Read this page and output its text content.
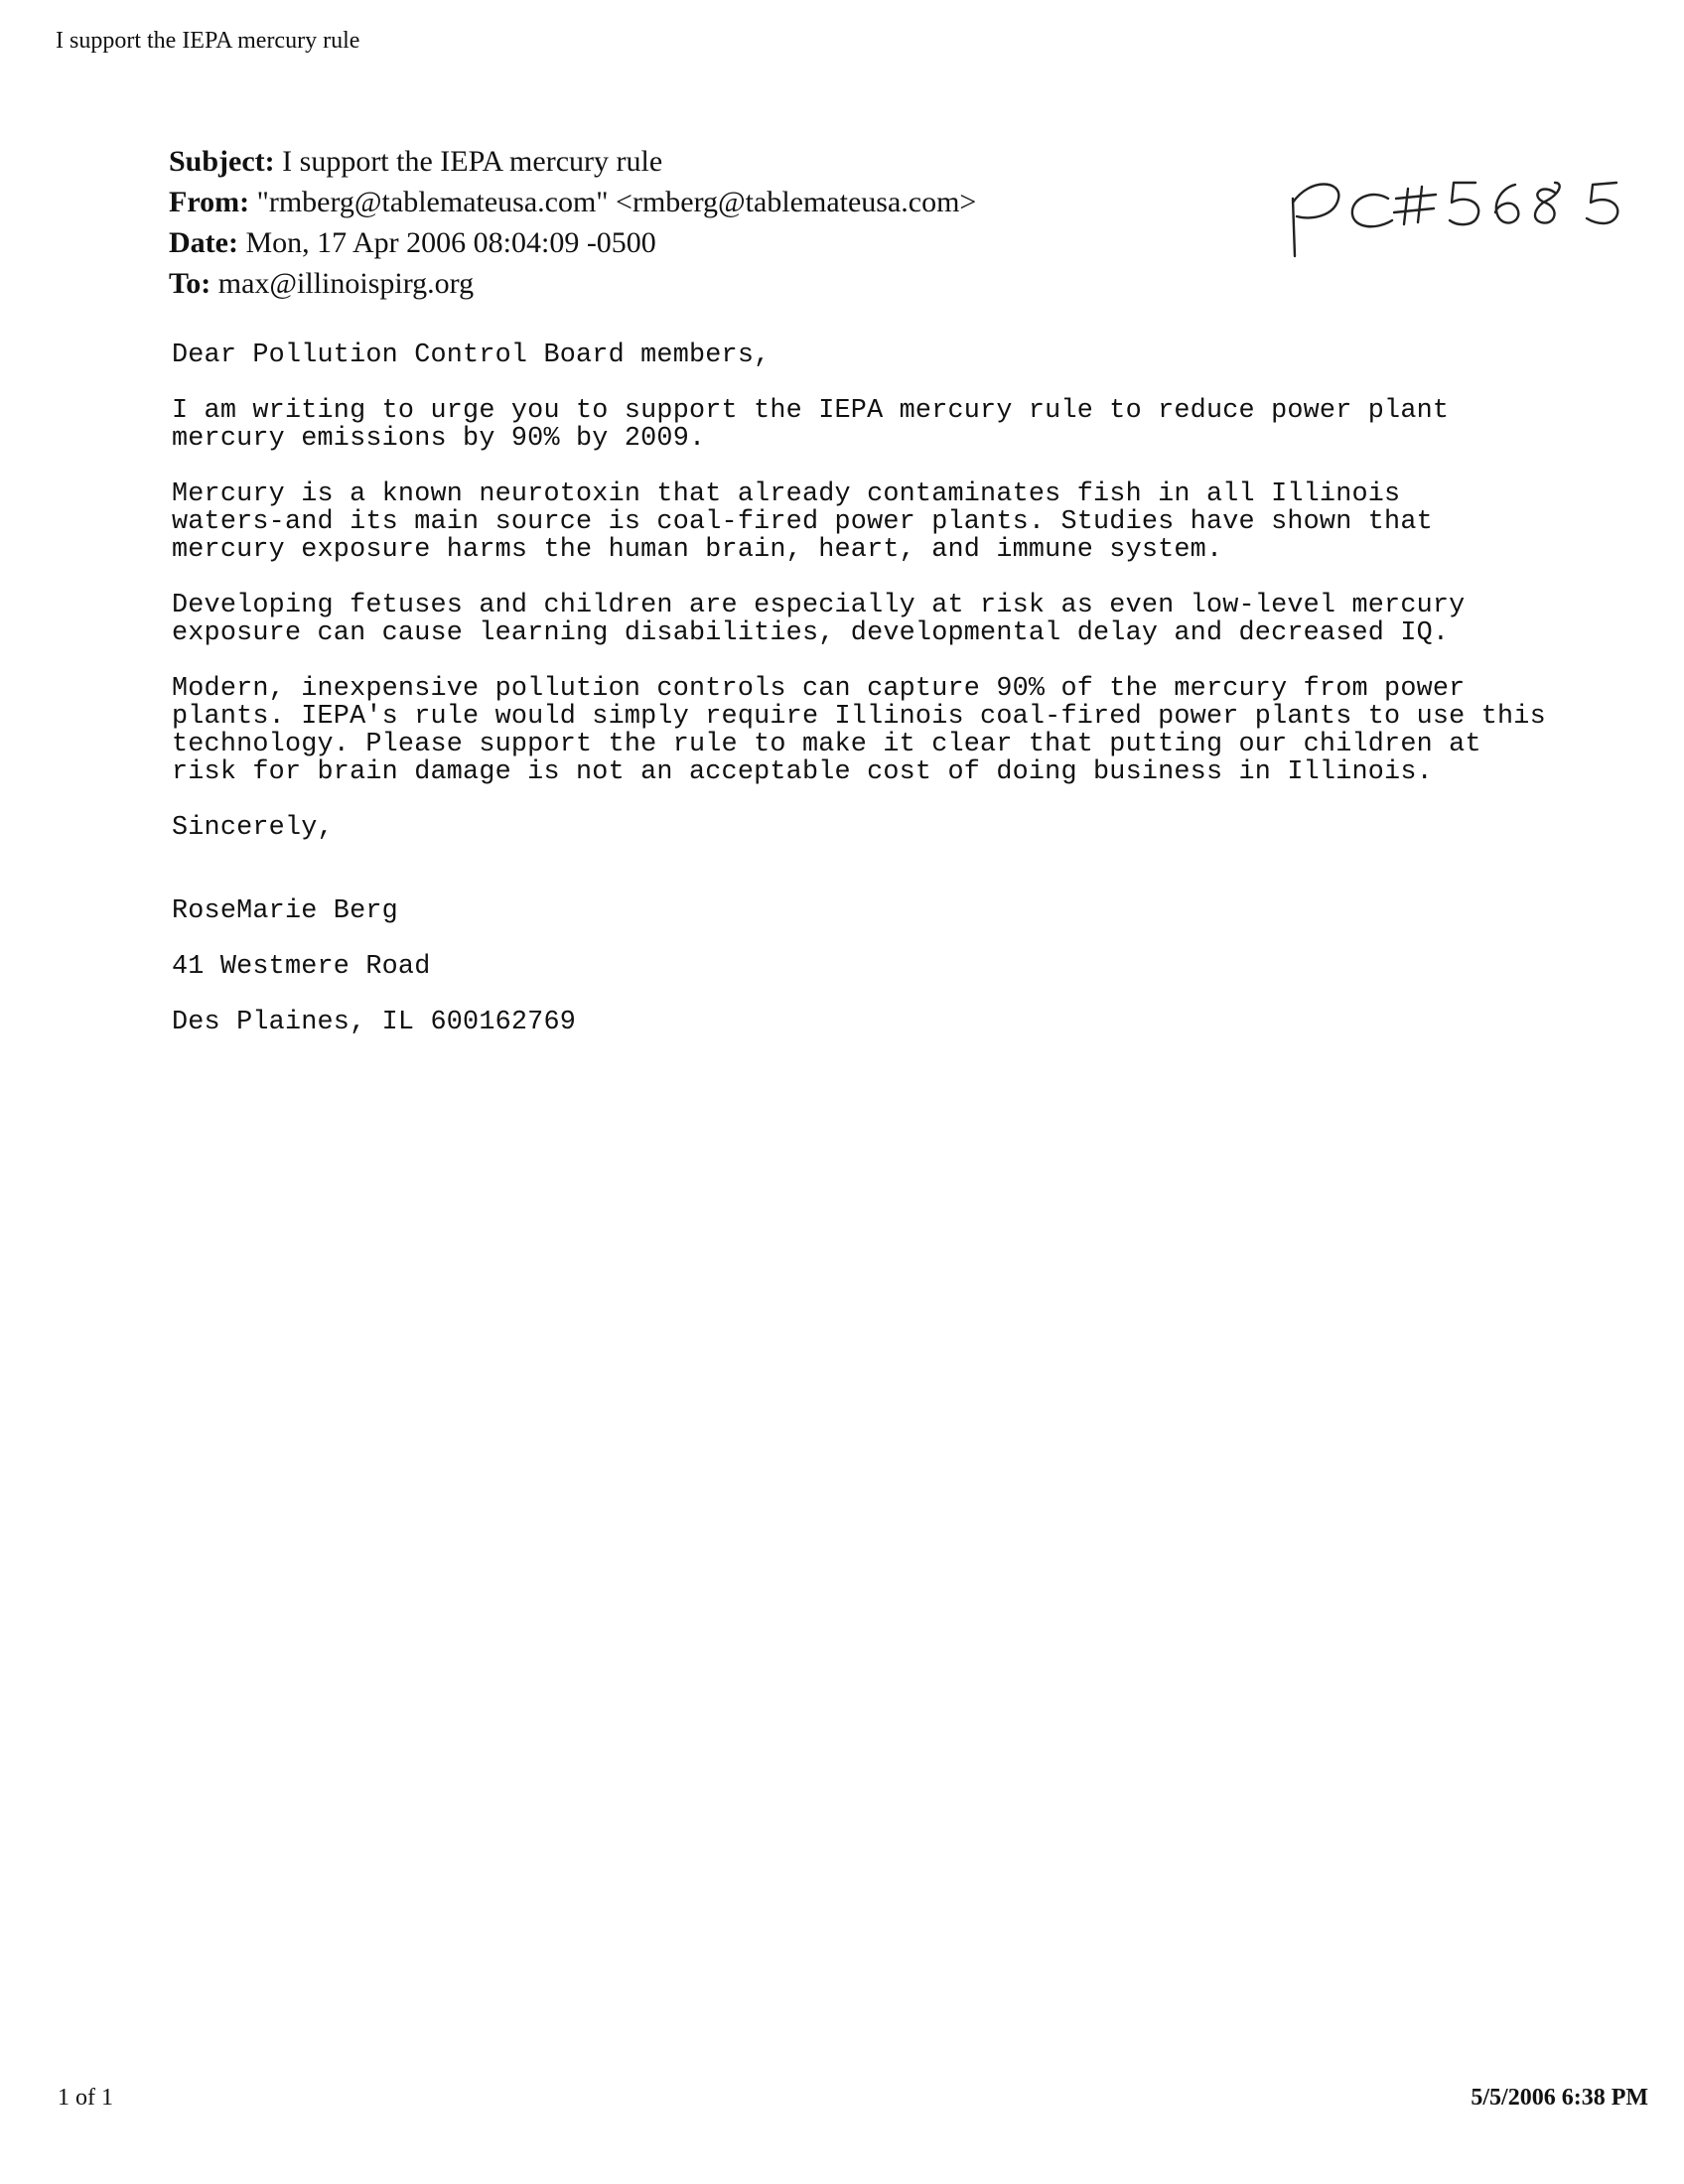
I support the IEPA mercury rule
Subject: I support the IEPA mercury rule
From: "rmberg@tablemateusa.com" <rmberg@tablemateusa.com>
Date: Mon, 17 Apr 2006 08:04:09 -0500
To: max@illinoispirg.org

Dear Pollution Control Board members,

I am writing to urge you to support the IEPA mercury rule to reduce power plant
mercury emissions by 90% by 2009.

Mercury is a known neurotoxin that already contaminates fish in all Illinois
waters-and its main source is coal-fired power plants. Studies have shown that
mercury exposure harms the human brain, heart, and immune system.

Developing fetuses and children are especially at risk as even low-level mercury
exposure can cause learning disabilities, developmental delay and decreased IQ.

Modern, inexpensive pollution controls can capture 90% of the mercury from power
plants. IEPA's rule would simply require Illinois coal-fired power plants to use this
technology. Please support the rule to make it clear that putting our children at
risk for brain damage is not an acceptable cost of doing business in Illinois.

Sincerely,

RoseMarie Berg

41 Westmere Road

Des Plaines, IL 600162769

1 of 1	5/5/2006 6:38 PM
